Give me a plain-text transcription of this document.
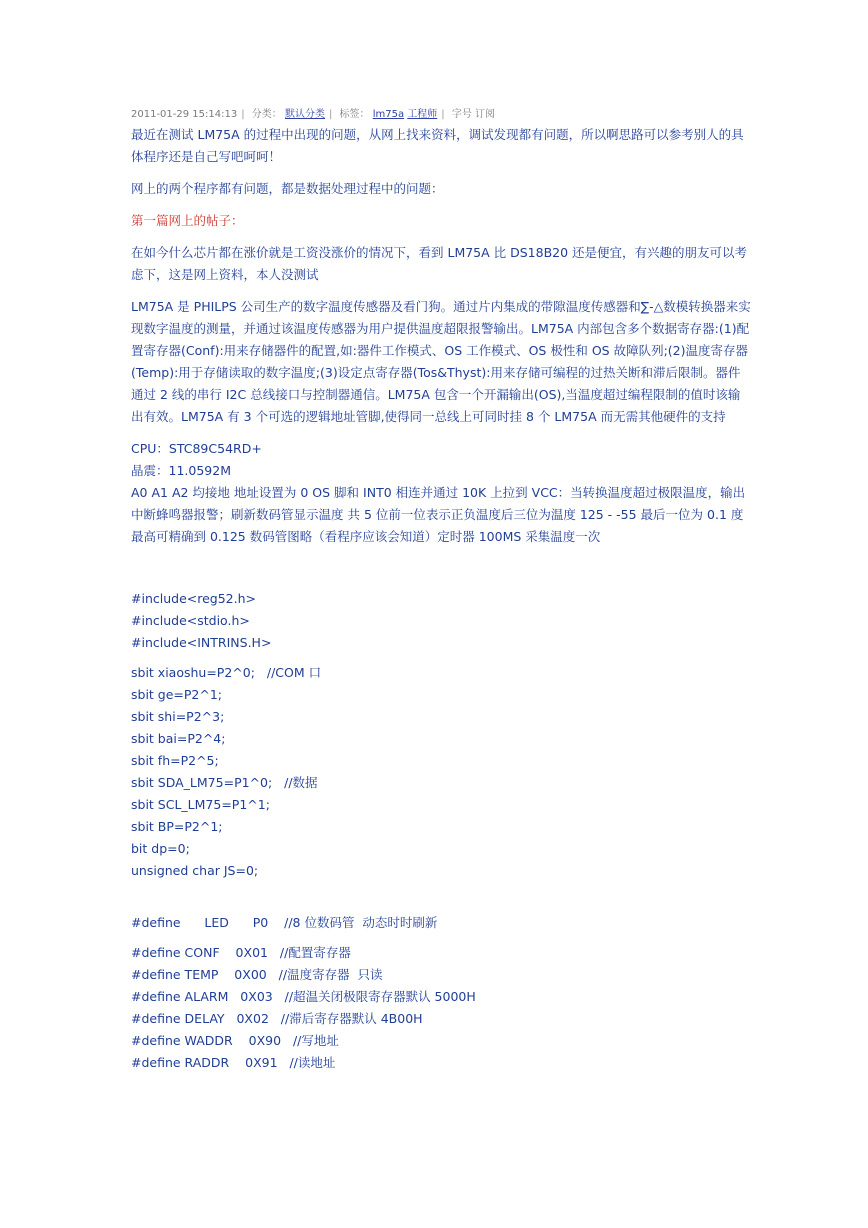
2011-01-29 15:14:13 | 分类： 默认分类 | 标签： lm75a 工程师 | 字号 订阅

最近在测试 LM75A 的过程中出现的问题，从网上找来资料，调试发现都有问题，所以啊思路可以参考别人的具体程序还是自己写吧呵呵！

网上的两个程序都有问题，都是数据处理过程中的问题：

第一篇网上的帖子：

在如今什么芯片都在涨价就是工资没涨价的情况下，看到 LM75A 比 DS18B20 还是便宜，有兴趣的朋友可以考虑下，这是网上资料，本人没测试

LM75A 是 PHILPS 公司生产的数字温度传感器及看门狗。通过片内集成的带隙温度传感器和∑-△数模转换器来实现数字温度的测量，并通过该温度传感器为用户提供温度超限报警输出。LM75A 内部包含多个数据寄存器:(1)配置寄存器(Conf):用来存储器件的配置,如:器件工作模式、OS 工作模式、OS 极性和 OS 故障队列;(2)温度寄存器(Temp):用于存储读取的数字温度;(3)设定点寄存器(Tos&Thyst):用来存储可编程的过热关断和滞后限制。器件通过 2 线的串行 I2C 总线接口与控制器通信。LM75A 包含一个开漏输出(OS),当温度超过编程限制的值时该输出有效。LM75A 有 3 个可选的逻辑地址管脚,使得同一总线上可同时挂 8 个 LM75A 而无需其他硬件的支持

CPU：STC89C54RD+
晶震：11.0592M

A0 A1 A2 均接地 地址设置为 0 OS 脚和 INT0 相连并通过 10K 上拉到 VCC：当转换温度超过极限温度，输出中断蜂鸣器报警；刷新数码管显示温度 共 5 位前一位表示正负温度后三位为温度 125 - -55 最后一位为 0.1 度 最高可精确到 0.125 数码管图略（看程序应该会知道）定时器 100MS 采集温度一次

#include<reg52.h>
#include<stdio.h>
#include<INTRINS.H>
sbit xiaoshu=P2^0;   //COM 口
sbit ge=P2^1;
sbit shi=P2^3;
sbit bai=P2^4;
sbit fh=P2^5;
sbit SDA_LM75=P1^0;   //数据
sbit SCL_LM75=P1^1;
sbit BP=P2^1;
bit dp=0;
unsigned char JS=0;
#define      LED      P0    //8 位数码管  动态时时刷新
#define CONF    0X01   //配置寄存器
#define TEMP    0X00   //温度寄存器  只读
#define ALARM   0X03   //超温关闭极限寄存器默认 5000H
#define DELAY   0X02   //滞后寄存器默认 4B00H
#define WADDR    0X90   //写地址
#define RADDR    0X91   //读地址
